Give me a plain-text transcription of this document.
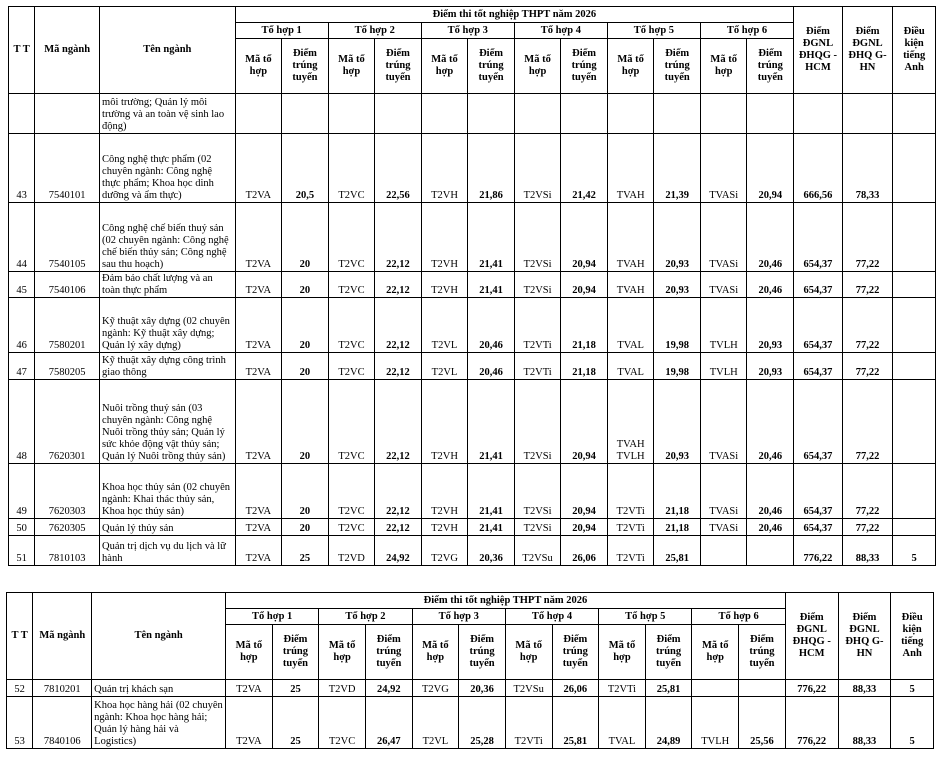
T T	Mã ngành	Tên ngành	Điểm thi tốt nghiệp THPT năm 2026												Điểm ĐGNL ĐHQG -HCM	Điểm ĐGNL ĐHQ G-HN	Điều kiện tiếng Anh
			Tổ hợp 1		Tổ hợp 2		Tổ hợp 3		Tổ hợp 4		Tổ hợp 5		Tổ hợp 6				
			Mã tổ hợp	Điểm trúng tuyển	Mã tổ hợp	Điểm trúng tuyển	Mã tổ hợp	Điểm trúng tuyển	Mã tổ hợp	Điểm trúng tuyển	Mã tổ hợp	Điểm trúng tuyển	Mã tổ hợp	Điểm trúng tuyển			
		môi trường; Quản lý môi trường và an toàn vệ sinh lao động)															
43	7540101	Công nghệ thực phẩm (02 chuyên ngành: Công nghệ thực phẩm; Khoa học dinh dưỡng và ẩm thực)	T2VA	20,5	T2VC	22,56	T2VH	21,86	T2VSi	21,42	TVAH	21,39	TVASi	20,94	666,56	78,33	
44	7540105	Công nghệ chế biến thuỷ sản (02 chuyên ngành: Công nghệ chế biến thủy sản; Công nghệ sau thu hoạch)	T2VA	20	T2VC	22,12	T2VH	21,41	T2VSi	20,94	TVAH	20,93	TVASi	20,46	654,37	77,22	
45	7540106	Đảm bảo chất lượng và an toàn thực phẩm	T2VA	20	T2VC	22,12	T2VH	21,41	T2VSi	20,94	TVAH	20,93	TVASi	20,46	654,37	77,22	
46	7580201	Kỹ thuật xây dựng (02 chuyên ngành: Kỹ thuật xây dựng; Quản lý xây dựng)	T2VA	20	T2VC	22,12	T2VL	20,46	T2VTi	21,18	TVAL	19,98	TVLH	20,93	654,37	77,22	
47	7580205	Kỹ thuật xây dựng công trình giao thông	T2VA	20	T2VC	22,12	T2VL	20,46	T2VTi	21,18	TVAL	19,98	TVLH	20,93	654,37	77,22	
48	7620301	Nuôi trồng thuỷ sản (03 chuyên ngành: Công nghệ Nuôi trồng thủy sản; Quản lý sức khỏe động vật thủy sản; Quản lý Nuôi trồng thủy sản)	T2VA	20	T2VC	22,12	T2VH	21,41	T2VSi	20,94	TVAH TVLH	20,93	TVASi	20,46	654,37	77,22	
49	7620303	Khoa học thủy sản (02 chuyên ngành: Khai thác thủy sản, Khoa học thủy sản)	T2VA	20	T2VC	22,12	T2VH	21,41	T2VSi	20,94	T2VTi	21,18	TVASi	20,46	654,37	77,22	
50	7620305	Quản lý thủy sản	T2VA	20	T2VC	22,12	T2VH	21,41	T2VSi	20,94	T2VTi	21,18	TVASi	20,46	654,37	77,22	
51	7810103	Quản trị dịch vụ du lịch và lữ hành	T2VA	25	T2VD	24,92	T2VG	20,36	T2VSu	26,06	T2VTi	25,81			776,22	88,33	5
T T	Mã ngành	Tên ngành	Điểm thi tốt nghiệp THPT năm 2026												Điểm ĐGNL ĐHQG -HCM	Điểm ĐGNL ĐHQ G-HN	Điều kiện tiếng Anh
			Tổ hợp 1		Tổ hợp 2		Tổ hợp 3		Tổ hợp 4		Tổ hợp 5		Tổ hợp 6				
			Mã tổ hợp	Điểm trúng tuyển	Mã tổ hợp	Điểm trúng tuyển	Mã tổ hợp	Điểm trúng tuyển	Mã tổ hợp	Điểm trúng tuyển	Mã tổ hợp	Điểm trúng tuyển	Mã tổ hợp	Điểm trúng tuyển			
52	7810201	Quản trị khách sạn	T2VA	25	T2VD	24,92	T2VG	20,36	T2VSu	26,06	T2VTi	25,81			776,22	88,33	5
53	7840106	Khoa học hàng hải (02 chuyên ngành: Khoa học hàng hải; Quản lý hàng hải và Logistics)	T2VA	25	T2VC	26,47	T2VL	25,28	T2VTi	25,81	TVAL	24,89	TVLH	25,56	776,22	88,33	5
